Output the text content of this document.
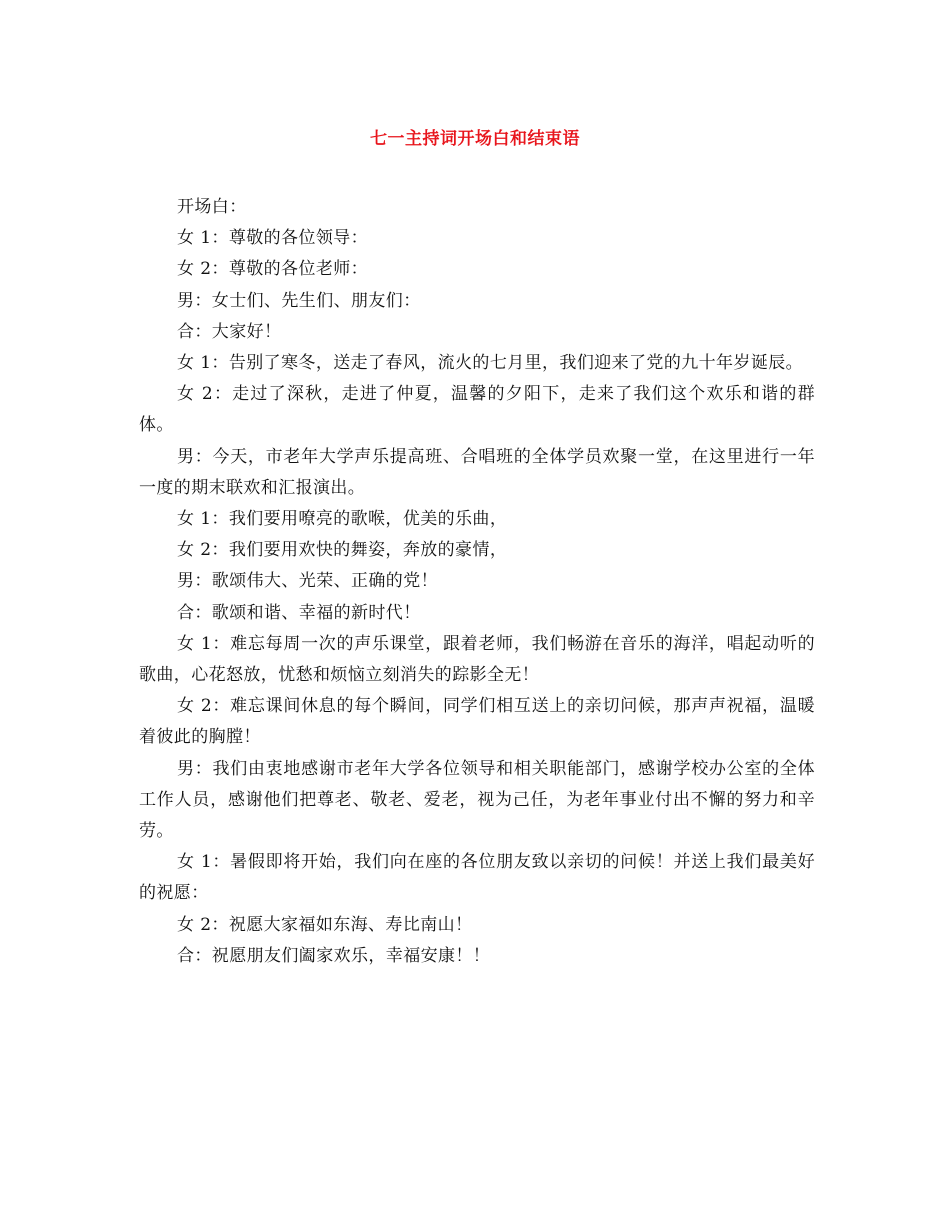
七一主持词开场白和结束语

开场白：

女 1：尊敬的各位领导：

女 2：尊敬的各位老师：

男：女士们、先生们、朋友们：

合：大家好！

女 1：告别了寒冬，送走了春风，流火的七月里，我们迎来了党的九十年岁诞辰。

女 2：走过了深秋，走进了仲夏，温馨的夕阳下，走来了我们这个欢乐和谐的群体。

男：今天，市老年大学声乐提高班、合唱班的全体学员欢聚一堂，在这里进行一年一度的期末联欢和汇报演出。

女 1：我们要用嘹亮的歌喉，优美的乐曲，

女 2：我们要用欢快的舞姿，奔放的豪情，

男：歌颂伟大、光荣、正确的党！

合：歌颂和谐、幸福的新时代！

女 1：难忘每周一次的声乐课堂，跟着老师，我们畅游在音乐的海洋，唱起动听的歌曲，心花怒放，忧愁和烦恼立刻消失的踪影全无！

女 2：难忘课间休息的每个瞬间，同学们相互送上的亲切问候，那声声祝福，温暖着彼此的胸膛！

男：我们由衷地感谢市老年大学各位领导和相关职能部门，感谢学校办公室的全体工作人员，感谢他们把尊老、敬老、爱老，视为己任，为老年事业付出不懈的努力和辛劳。

女 1：暑假即将开始，我们向在座的各位朋友致以亲切的问候！并送上我们最美好的祝愿：

女 2：祝愿大家福如东海、寿比南山！

合：祝愿朋友们阖家欢乐，幸福安康！！
